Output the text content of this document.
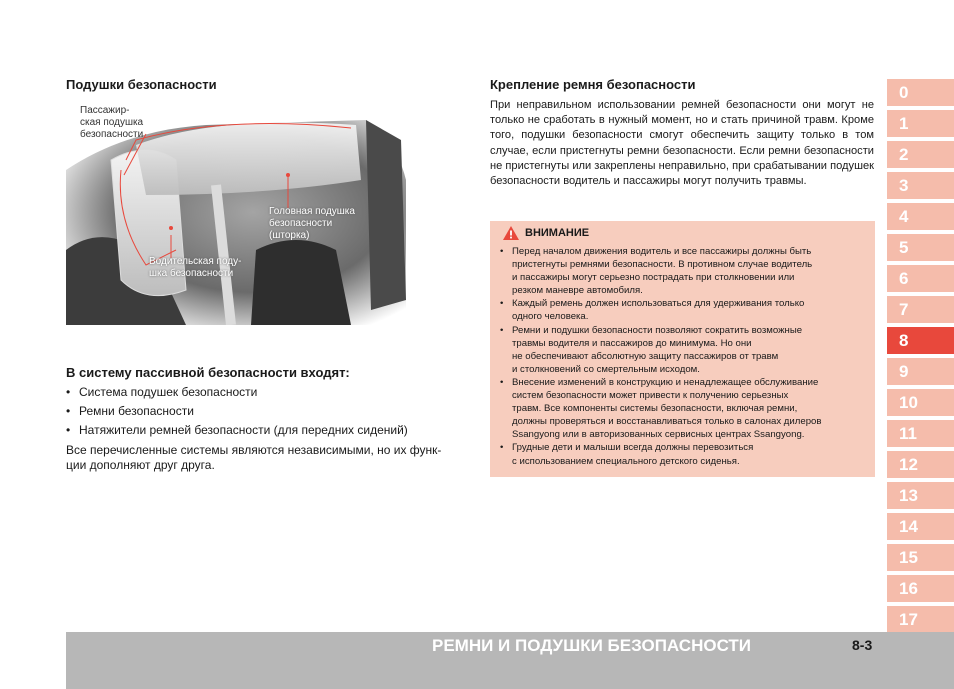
Подушки безопасности
Пассажир-
ская подушка
безопасности
Головная подушка
безопасности
(шторка)
Водительская поду-
шка безопасности
В систему пассивной безопасности входят:
• Система подушек безопасности
• Ремни безопасности
• Натяжители ремней безопасности (для передних сидений)
Все перечисленные системы являются независимыми, но их функ-
ции дополняют друг друга.
Крепление ремня безопасности
При неправильном использовании ремней безопасности они могут не только не сработать в нужный момент, но и стать причиной травм. Кроме того, подушки безопасности смогут обеспечить защиту только в том случае, если пристегнуты ремни безопасности. Если ремни безопасности не пристегнуты или закреплены неправильно, при срабатывании подушек безопасности водитель и пассажиры могут получить травмы.
ВНИМАНИЕ
• Перед началом движения водитель и все пассажиры должны быть
пристегнуты ремнями безопасности. В противном случае водитель
и пассажиры могут серьезно пострадать при столкновении или
резком маневре автомобиля.
• Каждый ремень должен использоваться для удерживания только
одного человека.
• Ремни и подушки безопасности позволяют сократить возможные
травмы водителя и пассажиров до минимума. Но они
не обеспечивают абсолютную защиту пассажиров от травм
и столкновений со смертельным исходом.
• Внесение изменений в конструкцию и ненадлежащее обслуживание
систем безопасности может привести к получению серьезных
травм. Все компоненты системы безопасности, включая ремни,
должны проверяться и восстанавливаться только в салонах дилеров
Ssangyong или в авторизованных сервисных центрах Ssangyong.
• Грудные дети и малыши всегда должны перевозиться
с использованием специального детского сиденья.
0
1
2
3
4
5
6
7
8
9
10
11
12
13
14
15
16
17
РЕМНИ И ПОДУШКИ БЕЗОПАСНОСТИ	8-3
